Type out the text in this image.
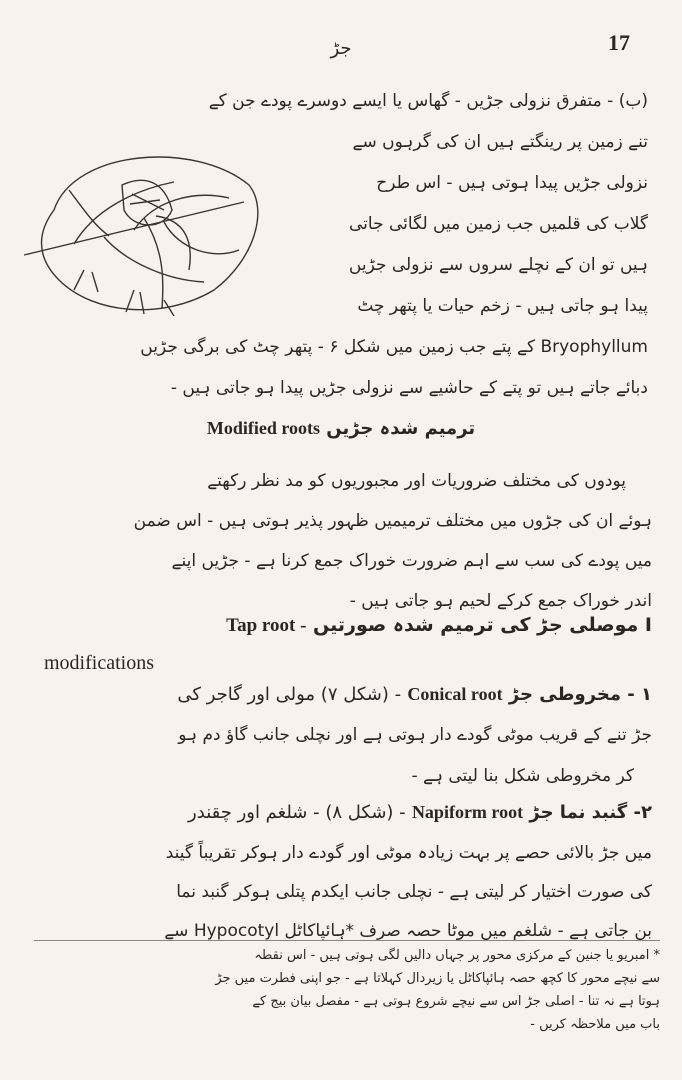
جڑ	17
(ب) - متفرق نزولی جڑیں - گھاس یا ایسے دوسرے پودے جن کے
تنے زمین پر رینگتے ہیں ان کی گرہوں سے
نزولی جڑیں پیدا ہوتی ہیں - اس طرح
گلاب کی قلمیں جب زمین میں لگائی جاتی
ہیں تو ان کے نچلے سروں سے نزولی جڑیں
پیدا ہو جاتی ہیں - زخم حیات یا پتھر چٹ
Bryophyllum کے پتے جب زمین میں شکل ۶ - پتھر چٹ کی برگی جڑیں
دبائے جاتے ہیں تو پتے کے حاشیے سے نزولی جڑیں پیدا ہو جاتی ہیں -
ترمیم شدہ جڑیں Modified roots
پودوں کی مختلف ضروریات اور مجبوریوں کو مد نظر رکھتے
ہوئے ان کی جڑوں میں مختلف ترمیمیں ظہور پذیر ہوتی ہیں - اس ضمن
میں پودے کی سب سے اہم ضرورت خوراک جمع کرنا ہے - جڑیں اپنے
اندر خوراک جمع کرکے لحیم ہو جاتی ہیں -
I موصلی جڑ کی ترمیم شدہ صورتیں Tap root -
modifications
۱ - مخروطی جڑ Conical root - (شکل ۷) مولی اور گاجر کی
جڑ تنے کے قریب موٹی گودے دار ہوتی ہے اور نچلی جانب گاؤ دم ہو
کر مخروطی شکل بنا لیتی ہے -
۲- گنبد نما جڑ Napiform root - (شکل ۸) - شلغم اور چقندر
میں جڑ بالائی حصے پر بہت زیادہ موٹی اور گودے دار ہوکر تقریباً گیند
کی صورت اختیار کر لیتی ہے - نچلی جانب ایکدم پتلی ہوکر گنبد نما
بن جاتی ہے - شلغم میں موٹا حصہ صرف *ہائپاکاٹل Hypocotyl سے
* امبریو یا جنین کے مرکزی محور پر جہاں دالیں لگی ہوتی ہیں - اس نقطہ
سے نیچے محور کا کچھ حصہ ہائپاکاٹل یا زیردال کہلاتا ہے - جو اپنی فطرت میں جڑ
ہوتا ہے نہ تنا - اصلی جڑ اس سے نیچے شروع ہوتی ہے - مفصل بیان بیج کے
باب میں ملاحظہ کریں -
